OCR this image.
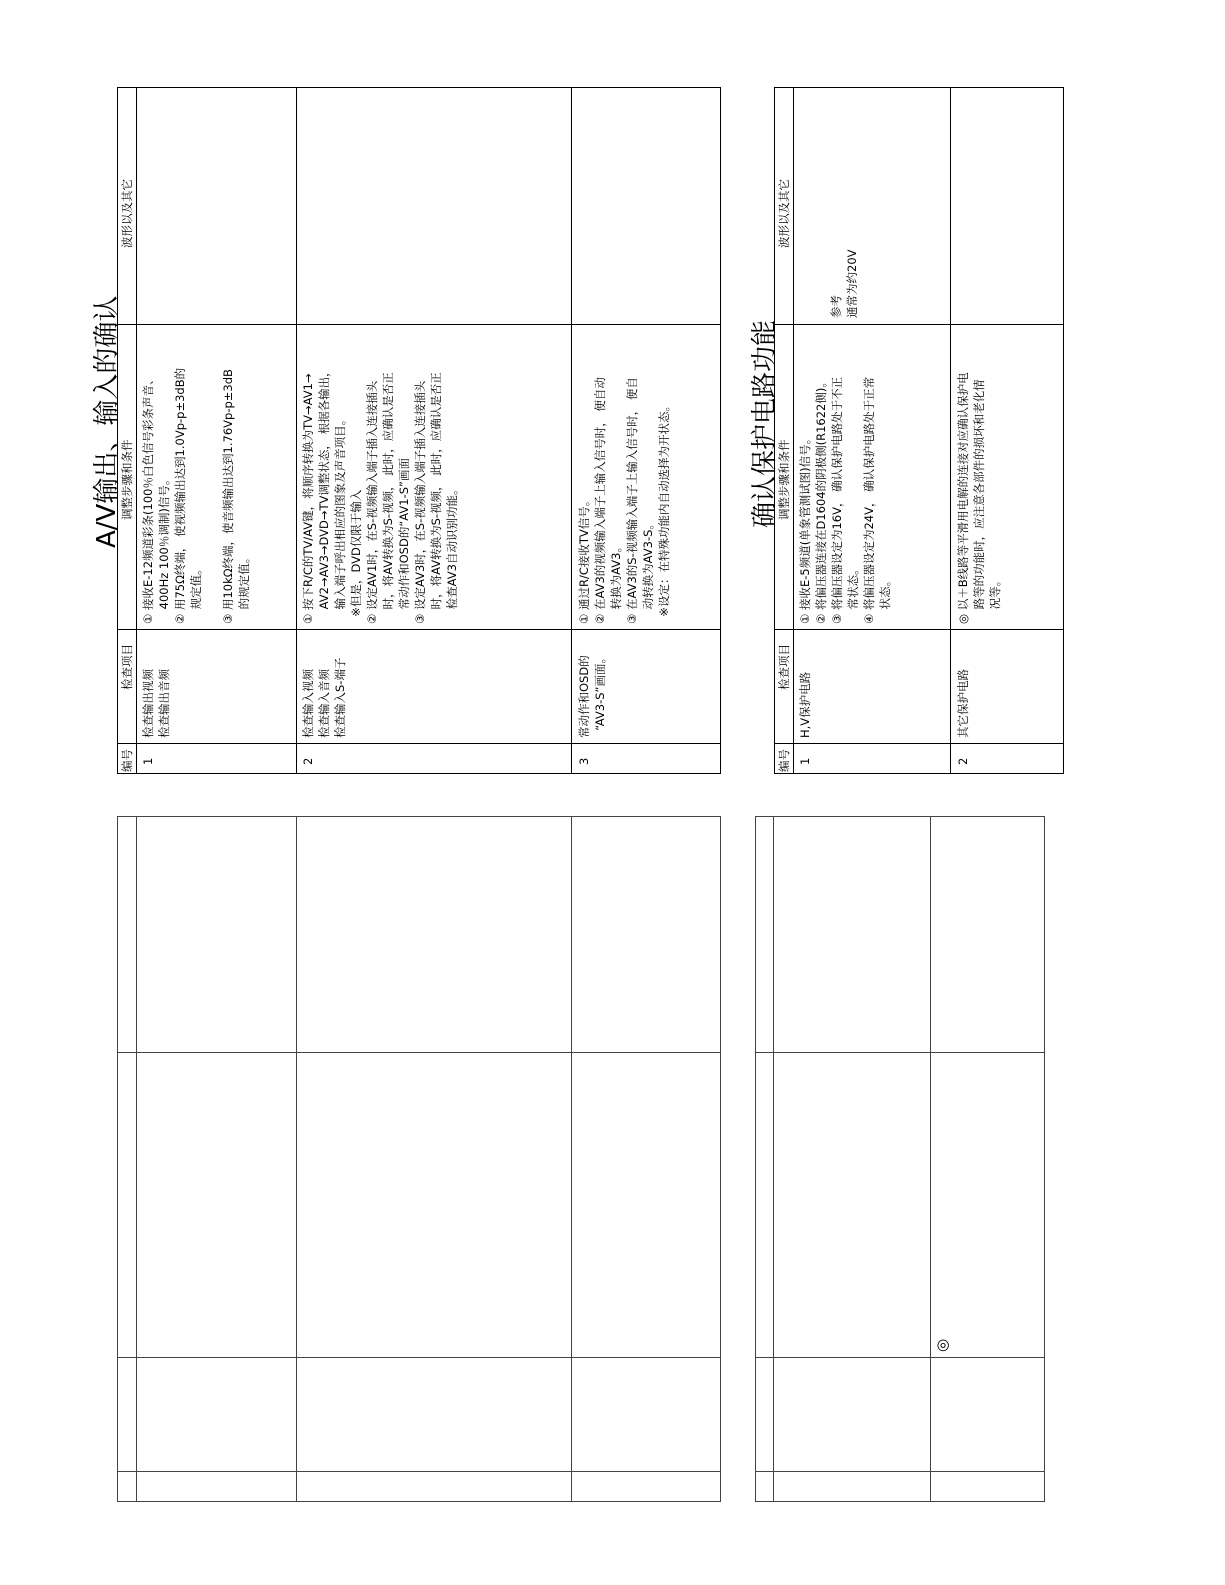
A/V输出、输入的确认
波形以及其它
调整步骤和条件
检查项目
编号 1
检查输出视频 检查输出音频
① 接收E-12频道彩条(100％白色信号彩条声音、 400Hz 100％调制)信号。
② 用75Ω终端， 使视频输出达到1.0Vp-p±3dB的 规定值。

③ 用10kΩ终端，使音频输出达到1.76Vp-p±3dB 的规定值。
2
检查输入视频 检查输入音频 检查输入S-端子
① 按下R/C的TV/AV键，将顺序转换为TV→AV1→ AV2→AV3→DVD→TV调整状态， 根据各输出， 输入端子呼出相应的图象及声音项目。 ※但是，DVD仅限于输入
② 设定AV1时，在S-视频输入端子插入连接插头 时，将AV转换为S-视频， 此时，应确认是否正 常动作和OSD的“AV1-S”画面
③ 设定AV3时，在S-视频输入端子插入连接插头 时，将AV转换为S-视频， 此时，应确认是否正 检查AV3自动识别功能。
3
常动作和OSD的 “AV3-S”画面。
① 通过R/C接收TV信号。
② 在AV3的视频输入端子上输入信号时， 便自动 转换为AV3。
③ 在AV3的S-视频输入端子上输入信号时， 便自 动转换为AV3-S。 ※设定：在特殊功能内自动选择为开状态。	确认保护电路功能
波形以及其它
调整步骤和条件
检查项目
编号 1
H,V保护电路
① 接收E-5频道(单象管测试图)信号。
② 将偏压器连接在D1604的阴极侧(R1622侧)。
③ 将偏压器设定为16V， 确认保护电路处于不正 常状态。
④ 将偏压器设定为24V， 确认保护电路处于正常 状态。
参考 通常为约20V
2
其它保护电路
◎ 以＋B线路等平滑用电解的连接对应确认保护电 路等的功能时，应注意各部件的损坏和老化情 况等。
◎
